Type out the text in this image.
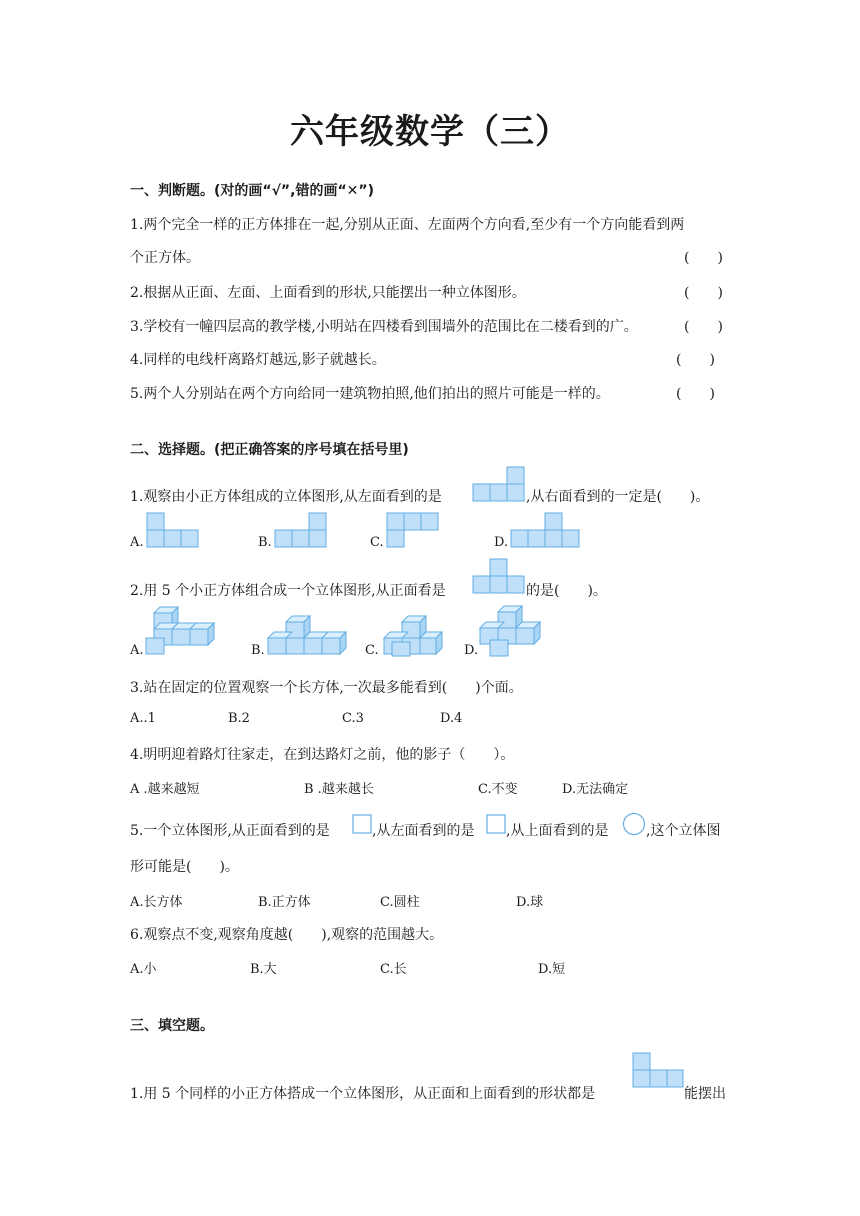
六年级数学（三）
一、判断题。(对的画“√”,错的画“✕”)
1.两个完全一样的正方体排在一起,分别从正面、左面两个方向看,至少有一个方向能看到两
个正方体。	(　　)
2.根据从正面、左面、上面看到的形状,只能摆出一种立体图形。	(　　)
3.学校有一幢四层高的教学楼,小明站在四楼看到围墙外的范围比在二楼看到的广。	(　　)
4.同样的电线杆离路灯越远,影子就越长。	(　　)
5.两个人分别站在两个方向给同一建筑物拍照,他们拍出的照片可能是一样的。	(　　)
二、选择题。(把正确答案的序号填在括号里)
1.观察由小正方体组成的立体图形,从左面看到的是	,从右面看到的一定是(　　)。
A.	B.	C.	D.
2.用 5 个小正方体组合成一个立体图形,从正面看是	的是(　　)。
A.	B.	C.	D.
3.站在固定的位置观察一个长方体,一次最多能看到(　　)个面。
A..1	B.2	C.3	D.4
4.明明迎着路灯往家走，在到达路灯之前，他的影子（　　）。
A .越来越短	B .越来越长	C.不变	D.无法确定
5.一个立体图形,从正面看到的是	,从左面看到的是 ,从上面看到的是	,这个立体图
形可能是(　　)。
A.长方体	B.正方体	C.圆柱	D.球
6.观察点不变,观察角度越(　　),观察的范围越大。
A.小	B.大	C.长	D.短
三、填空题。
1.用 5 个同样的小正方体搭成一个立体图形，从正面和上面看到的形状都是	能摆出
